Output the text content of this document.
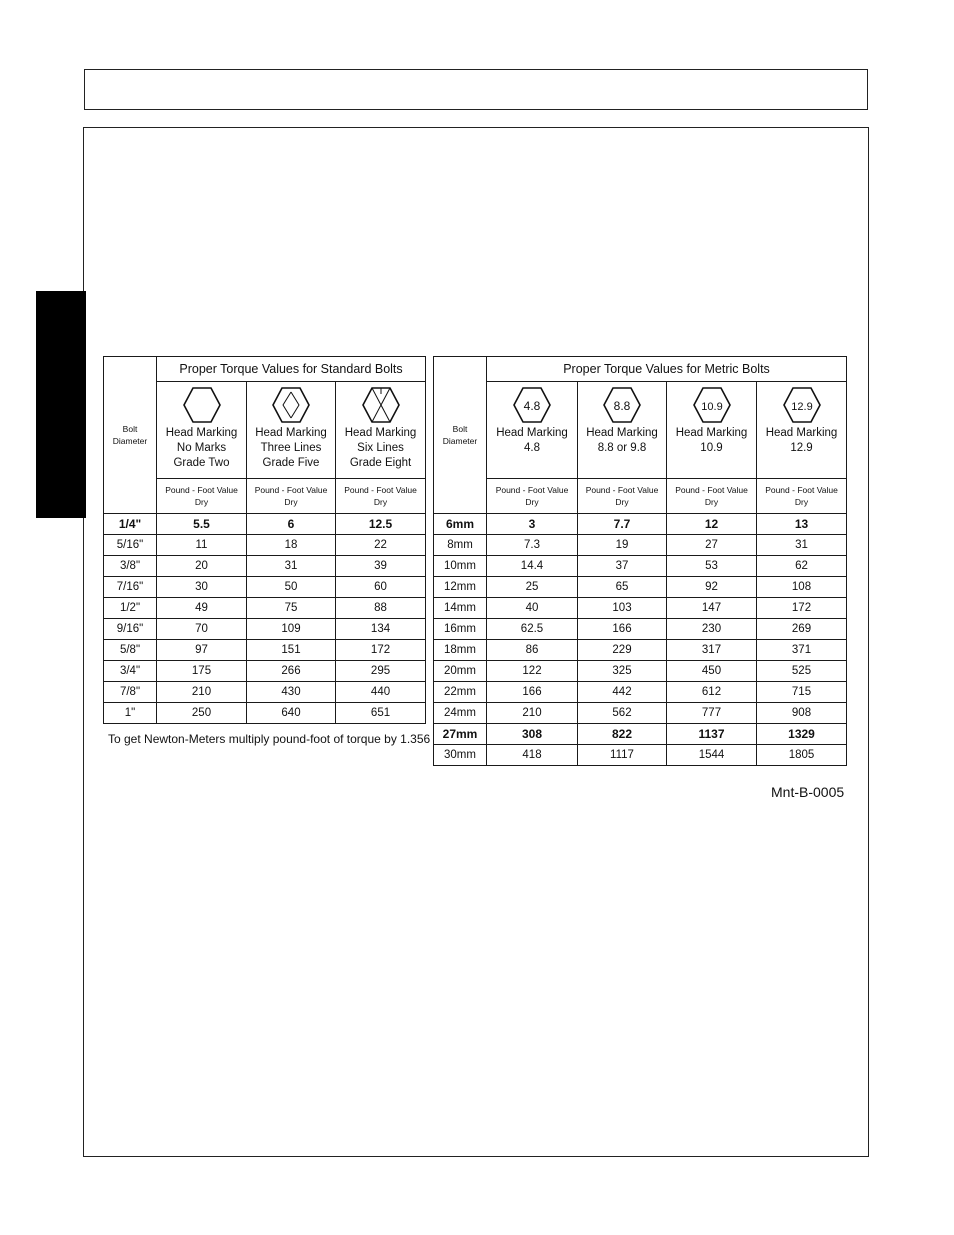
Bolt
Diameter	Proper Torque Values for Standard Bolts		

	Head Marking
No Marks
Grade Two	Head Marking
Three Lines
Grade Five	Head Marking
Six Lines
Grade Eight

	Pound - Foot Value
Dry	Pound - Foot Value
Dry	Pound - Foot Value
Dry
1/4"	5.5	6	12.5
5/16"	11	18	22
3/8"	20	31	39
7/16"	30	50	60
1/2"	49	75	88
9/16"	70	109	134
5/8"	97	151	172
3/4"	175	266	295
7/8"	210	430	440
1"	250	640	651
To get Newton-Meters multiply pound-foot of torque by 1.356
Bolt
Diameter	Proper Torque Values for Metric Bolts			

4.8
Head Marking
4.8	8.8
Head Marking
8.8 or 9.8	10.9
Head Marking
10.9	12.9
Head Marking
12.9

	Pound - Foot Value
Dry	Pound - Foot Value
Dry	Pound - Foot Value
Dry	Pound - Foot Value
Dry
6mm	3	7.7	12	13
8mm	7.3	19	27	31
10mm	14.4	37	53	62
12mm	25	65	92	108
14mm	40	103	147	172
16mm	62.5	166	230	269
18mm	86	229	317	371
20mm	122	325	450	525
22mm	166	442	612	715
24mm	210	562	777	908
27mm	308	822	1137	1329
30mm	418	1117	1544	1805
Mnt-B-0005
